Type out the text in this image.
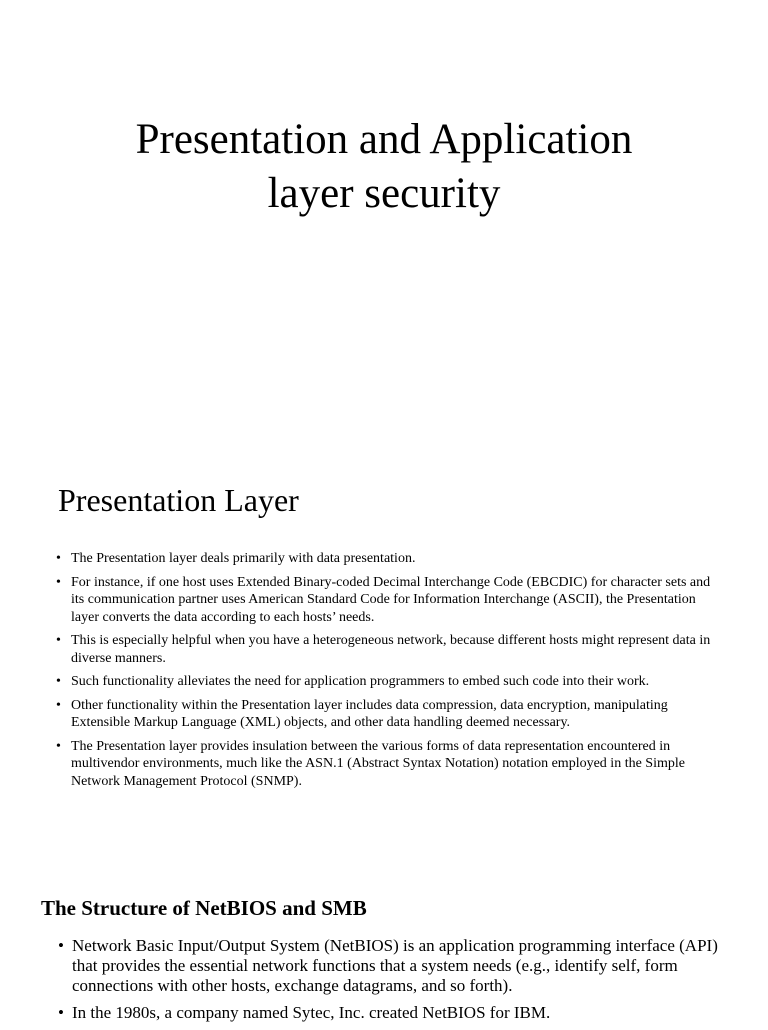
Presentation and Application
layer security
Presentation Layer
• The Presentation layer deals primarily with data presentation.
• For instance, if one host uses Extended Binary-coded Decimal Interchange Code (EBCDIC) for character sets and its communication partner uses American Standard Code for Information Interchange (ASCII), the Presentation layer converts the data according to each hosts’ needs.
• This is especially helpful when you have a heterogeneous network, because different hosts might represent data in diverse manners.
• Such functionality alleviates the need for application programmers to embed such code into their work.
• Other functionality within the Presentation layer includes data compression, data encryption, manipulating Extensible Markup Language (XML) objects, and other data handling deemed necessary.
• The Presentation layer provides insulation between the various forms of data representation encountered in multivendor environments, much like the ASN.1 (Abstract Syntax Notation) notation employed in the Simple Network Management Protocol (SNMP).
The Structure of NetBIOS and SMB
• Network Basic Input/Output System (NetBIOS) is an application programming interface (API) that provides the essential network functions that a system needs (e.g., identify self, form connections with other hosts, exchange datagrams, and so forth).
• In the 1980s, a company named Sytec, Inc. created NetBIOS for IBM.
